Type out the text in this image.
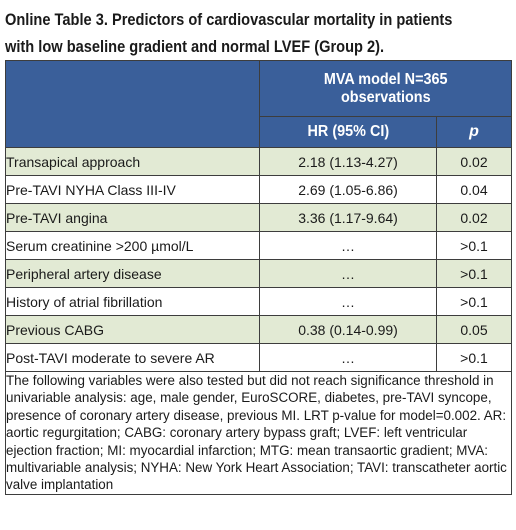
Online Table 3. Predictors of cardiovascular mortality in patients
with low baseline gradient and normal LVEF (Group 2).
	MVA model N=365
observations	
	HR (95% CI)	p
Transapical approach	2.18 (1.13-4.27)	0.02
Pre-TAVI NYHA Class III-IV	2.69 (1.05-6.86)	0.04
Pre-TAVI angina	3.36 (1.17-9.64)	0.02
Serum creatinine >200 µmol/L	…	>0.1
Peripheral artery disease	…	>0.1
History of atrial fibrillation	…	>0.1
Previous CABG	0.38 (0.14-0.99)	0.05
Post-TAVI moderate to severe AR	…	>0.1
The following variables were also tested but did not reach significance threshold in univariable analysis: age, male gender, EuroSCORE, diabetes, pre-TAVI syncope, presence of coronary artery disease, previous MI. LRT p-value for model=0.002. AR: aortic regurgitation; CABG: coronary artery bypass graft; LVEF: left ventricular ejection fraction; MI: myocardial infarction; MTG: mean transaortic gradient; MVA: multivariable analysis; NYHA: New York Heart Association; TAVI: transcatheter aortic valve implantation		
